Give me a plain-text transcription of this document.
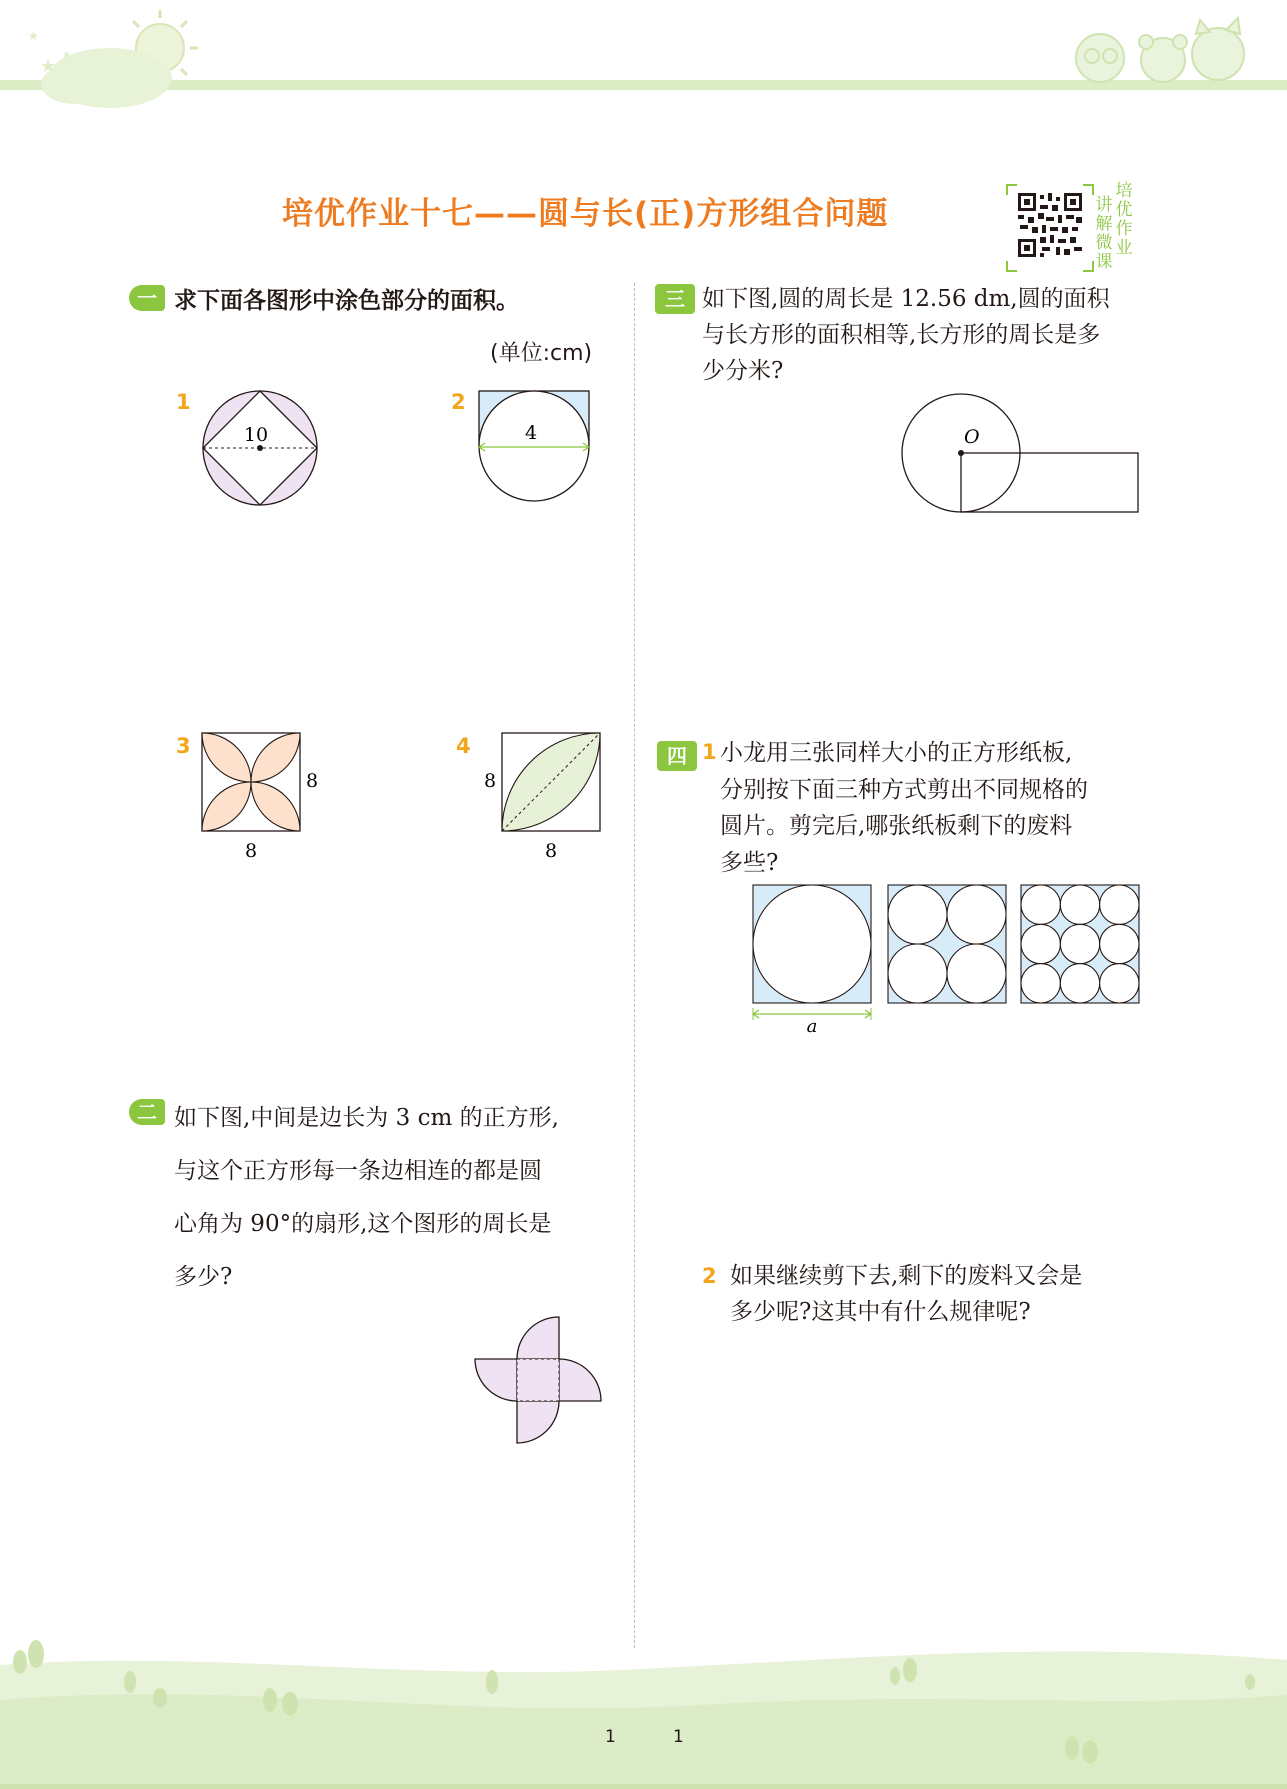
★
★
★
培优作业十七——圆与长(正)方形组合问题	讲
解
微
课
培
优
作
业
一 求下面各图形中涂色部分的面积。
(单位:cm)
1
10
2
4
3
8
8
4
8
8
二 如下图,中间是边长为 3 cm 的正方形,
与这个正方形每一条边相连的都是圆
心角为 90°的扇形,这个图形的周长是
多少?
三 如下图,圆的周长是 12.56 dm,圆的面积
与长方形的面积相等,长方形的周长是多
少分米?
O
四 1 小龙用三张同样大小的正方形纸板,
分别按下面三种方式剪出不同规格的
圆片。剪完后,哪张纸板剩下的废料
多些?
a
2 如果继续剪下去,剩下的废料又会是
多少呢?这其中有什么规律呢?
1	1
